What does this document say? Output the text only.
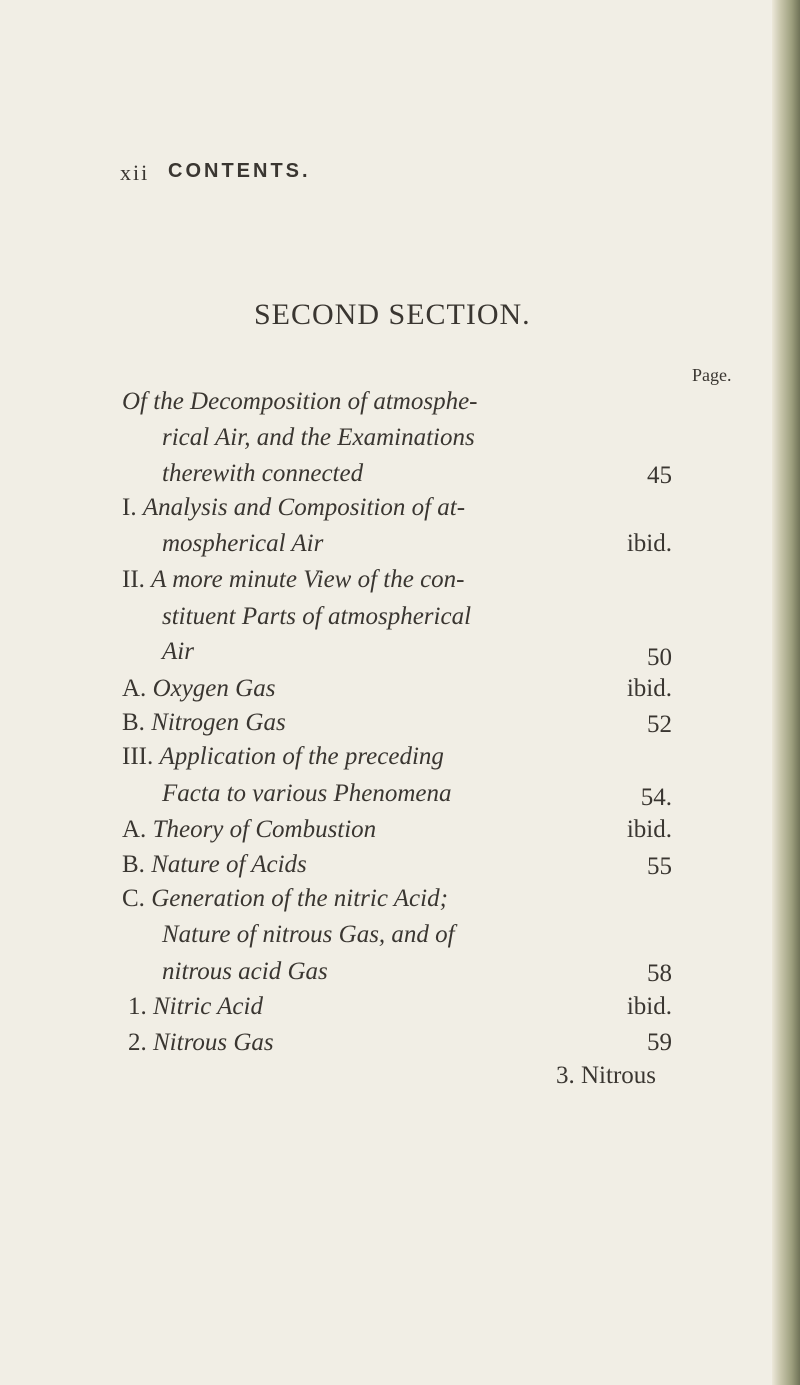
xii CONTENTS.
SECOND SECTION.
Page.
Of the Decomposition of atmosphe-
rical Air, and the Examinations
therewith connected	45
I. Analysis and Composition of at-
mospherical Air	ibid.
II. A more minute View of the con-
stituent Parts of atmospherical
Air	50
A. Oxygen Gas	ibid.
B. Nitrogen Gas	52
III. Application of the preceding
Facta to various Phenomena	54.
A. Theory of Combustion	ibid.
B. Nature of Acids	55
C. Generation of the nitric Acid;
Nature of nitrous Gas, and of
nitrous acid Gas	58
1. Nitric Acid	ibid.
2. Nitrous Gas	59
3. Nitrous
